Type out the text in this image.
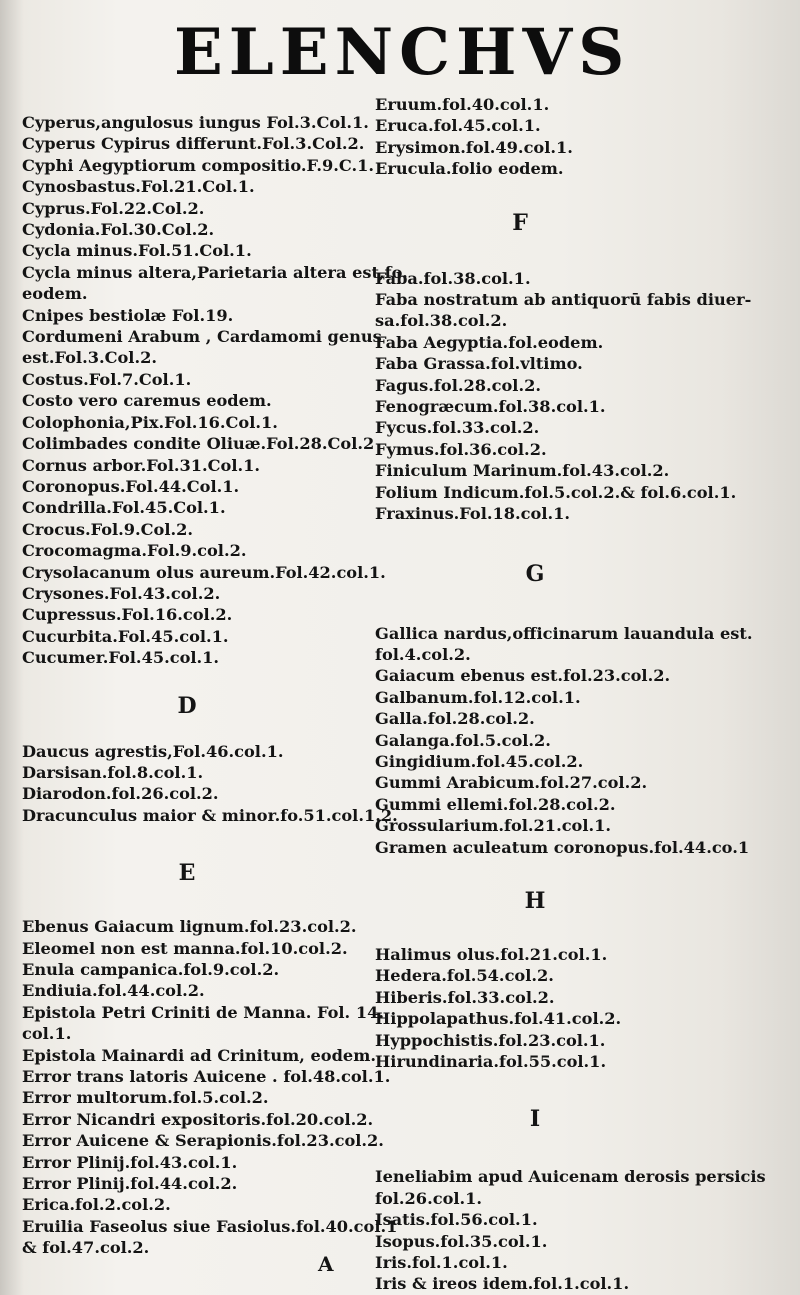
ELENCHVS
Cyperus,angulosus iungus Fol.3.Col.1.
Cyperus Cypirus differunt.Fol.3.Col.2.
Cyphi Aegyptiorum compositio.F.9.C.1.
Cynosbastus.Fol.21.Col.1.
Cyprus.Fol.22.Col.2.
Cydonia.Fol.30.Col.2.
Cycla minus.Fol.51.Col.1.
Cycla minus altera,Parietaria altera est,fo.
eodem.
Cnipes bestiolæ Fol.19.
Cordumeni Arabum , Cardamomi genus
est.Fol.3.Col.2.
Costus.Fol.7.Col.1.
Costo vero caremus eodem.
Colophonia,Pix.Fol.16.Col.1.
Colimbades condite Oliuæ.Fol.28.Col.2
Cornus arbor.Fol.31.Col.1.
Coronopus.Fol.44.Col.1.
Condrilla.Fol.45.Col.1.
Crocus.Fol.9.Col.2.
Crocomagma.Fol.9.col.2.
Crysolacanum olus aureum.Fol.42.col.1.
Crysones.Fol.43.col.2.
Cupressus.Fol.16.col.2.
Cucurbita.Fol.45.col.1.
Cucumer.Fol.45.col.1.
D
Daucus agrestis,Fol.46.col.1.
Darsisan.fol.8.col.1.
Diarodon.fol.26.col.2.
Dracunculus maior & minor.fo.51.col.1.2.
E
Ebenus Gaiacum lignum.fol.23.col.2.
Eleomel non est manna.fol.10.col.2.
Enula campanica.fol.9.col.2.
Endiuia.fol.44.col.2.
Epistola Petri Criniti de Manna. Fol. 14.
col.1.
Epistola Mainardi ad Crinitum, eodem.
Error trans latoris Auicene . fol.48.col.1.
Error multorum.fol.5.col.2.
Error Nicandri expositoris.fol.20.col.2.
Error Auicene & Serapionis.fol.23.col.2.
Error Plinij.fol.43.col.1.
Error Plinij.fol.44.col.2.
Erica.fol.2.col.2.
Eruilia Faseolus siue Fasiolus.fol.40.col.1
& fol.47.col.2.
Eruum.fol.40.col.1.
Eruca.fol.45.col.1.
Erysimon.fol.49.col.1.
Erucula.folio eodem.
F
Faba.fol.38.col.1.
Faba nostratum ab antiquorū fabis diuer-
sa.fol.38.col.2.
Faba Aegyptia.fol.eodem.
Faba Grassa.fol.vltimo.
Fagus.fol.28.col.2.
Fenogræcum.fol.38.col.1.
Fycus.fol.33.col.2.
Fymus.fol.36.col.2.
Finiculum Marinum.fol.43.col.2.
Folium Indicum.fol.5.col.2.& fol.6.col.1.
Fraxinus.Fol.18.col.1.
G
Gallica nardus,officinarum lauandula est.
fol.4.col.2.
Gaiacum ebenus est.fol.23.col.2.
Galbanum.fol.12.col.1.
Galla.fol.28.col.2.
Galanga.fol.5.col.2.
Gingidium.fol.45.col.2.
Gummi Arabicum.fol.27.col.2.
Gummi ellemi.fol.28.col.2.
Grossularium.fol.21.col.1.
Gramen aculeatum coronopus.fol.44.co.1
H
Halimus olus.fol.21.col.1.
Hedera.fol.54.col.2.
Hiberis.fol.33.col.2.
Hippolapathus.fol.41.col.2.
Hyppochistis.fol.23.col.1.
Hirundinaria.fol.55.col.1.
I
Ieneliabim apud Auicenam derosis persicis
fol.26.col.1.
Isatis.fol.56.col.1.
Isopus.fol.35.col.1.
Iris.fol.1.col.1.
Iris & ireos idem.fol.1.col.1.
A
